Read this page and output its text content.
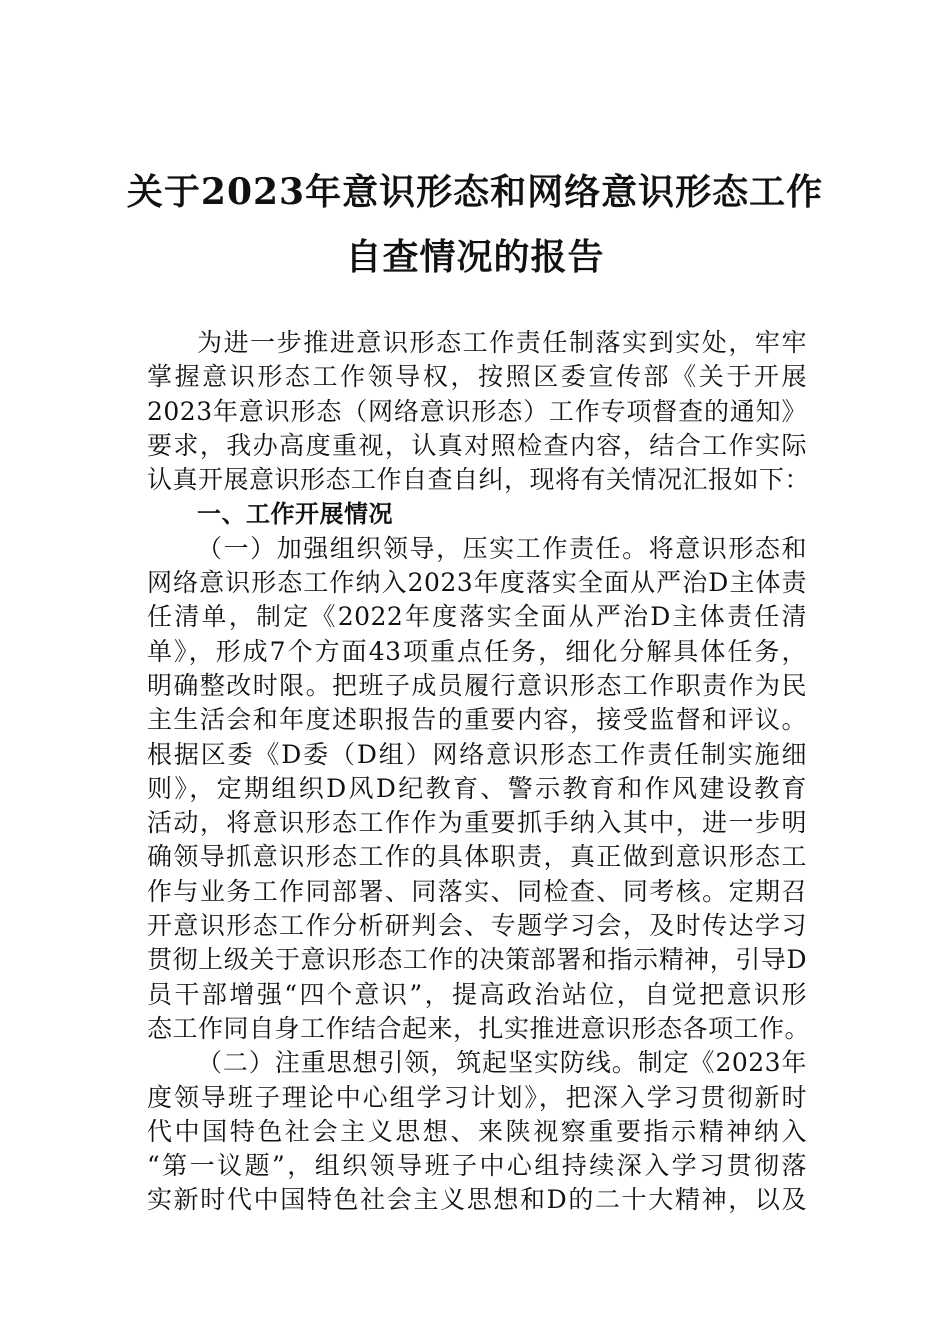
关于2023年意识形态和网络意识形态工作
自查情况的报告
为进一步推进意识形态工作责任制落实到实处，牢牢
掌握意识形态工作领导权，按照区委宣传部《关于开展
2023年意识形态（网络意识形态）工作专项督查的通知》
要求，我办高度重视，认真对照检查内容，结合工作实际
认真开展意识形态工作自查自纠，现将有关情况汇报如下：
一、工作开展情况
（一）加强组织领导，压实工作责任。将意识形态和
网络意识形态工作纳入2023年度落实全面从严治D主体责
任清单，制定《2022年度落实全面从严治D主体责任清
单》，形成7个方面43项重点任务，细化分解具体任务，
明确整改时限。把班子成员履行意识形态工作职责作为民
主生活会和年度述职报告的重要内容，接受监督和评议。
根据区委《D委（D组）网络意识形态工作责任制实施细
则》，定期组织D风D纪教育、警示教育和作风建设教育
活动，将意识形态工作作为重要抓手纳入其中，进一步明
确领导抓意识形态工作的具体职责，真正做到意识形态工
作与业务工作同部署、同落实、同检查、同考核。定期召
开意识形态工作分析研判会、专题学习会，及时传达学习
贯彻上级关于意识形态工作的决策部署和指示精神，引导D
员干部增强“四个意识”，提高政治站位，自觉把意识形
态工作同自身工作结合起来，扎实推进意识形态各项工作。
（二）注重思想引领，筑起坚实防线。制定《2023年
度领导班子理论中心组学习计划》，把深入学习贯彻新时
代中国特色社会主义思想、来陕视察重要指示精神纳入
“第一议题”，组织领导班子中心组持续深入学习贯彻落
实新时代中国特色社会主义思想和D的二十大精神，以及
